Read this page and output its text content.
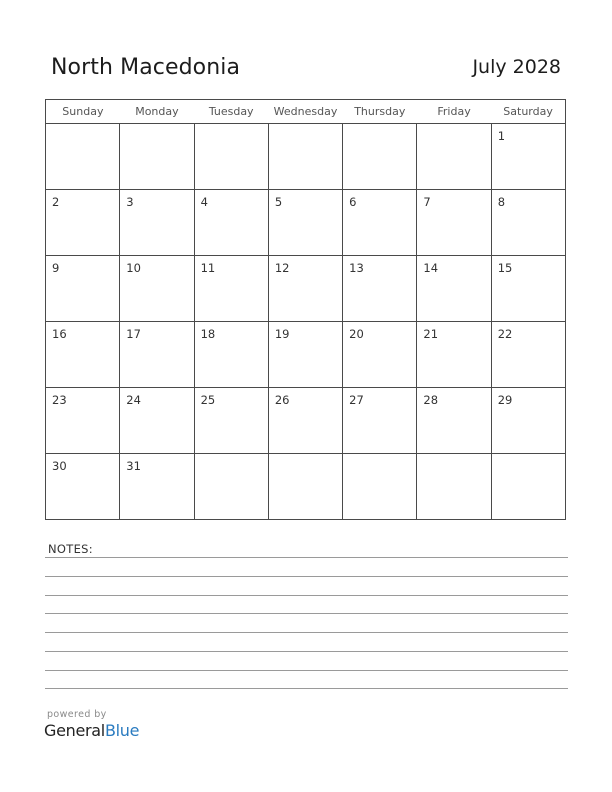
North Macedonia	July 2028
Sunday	Monday	Tuesday	Wednesday	Thursday	Friday	Saturday

						1

2	3	4	5	6	7	8

9	10	11	12	13	14	15

16	17	18	19	20	21	22

23	24	25	26	27	28	29

30	31					

NOTES:
powered by
GeneralBlue
